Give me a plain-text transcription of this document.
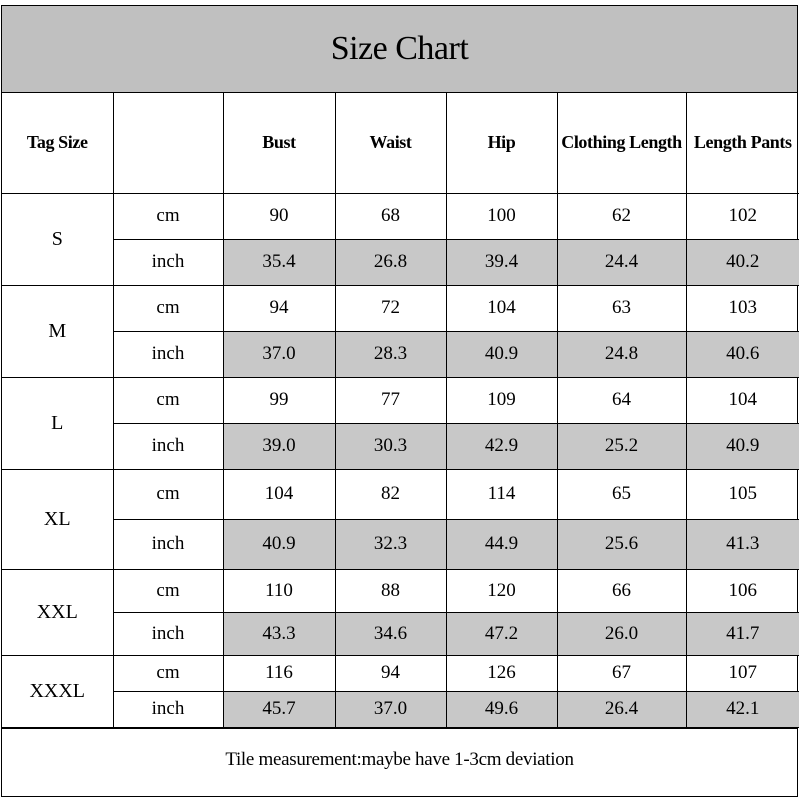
Size Chart
Tag Size		Bust	Waist	Hip	Clothing Length	Length Pants
S	cm	90	68	100	62	102
	inch	35.4	26.8	39.4	24.4	40.2
M	cm	94	72	104	63	103
	inch	37.0	28.3	40.9	24.8	40.6
L	cm	99	77	109	64	104
	inch	39.0	30.3	42.9	25.2	40.9
XL	cm	104	82	114	65	105
	inch	40.9	32.3	44.9	25.6	41.3
XXL	cm	110	88	120	66	106
	inch	43.3	34.6	47.2	26.0	41.7
XXXL	cm	116	94	126	67	107
	inch	45.7	37.0	49.6	26.4	42.1
Tile measurement:maybe have 1-3cm deviation
